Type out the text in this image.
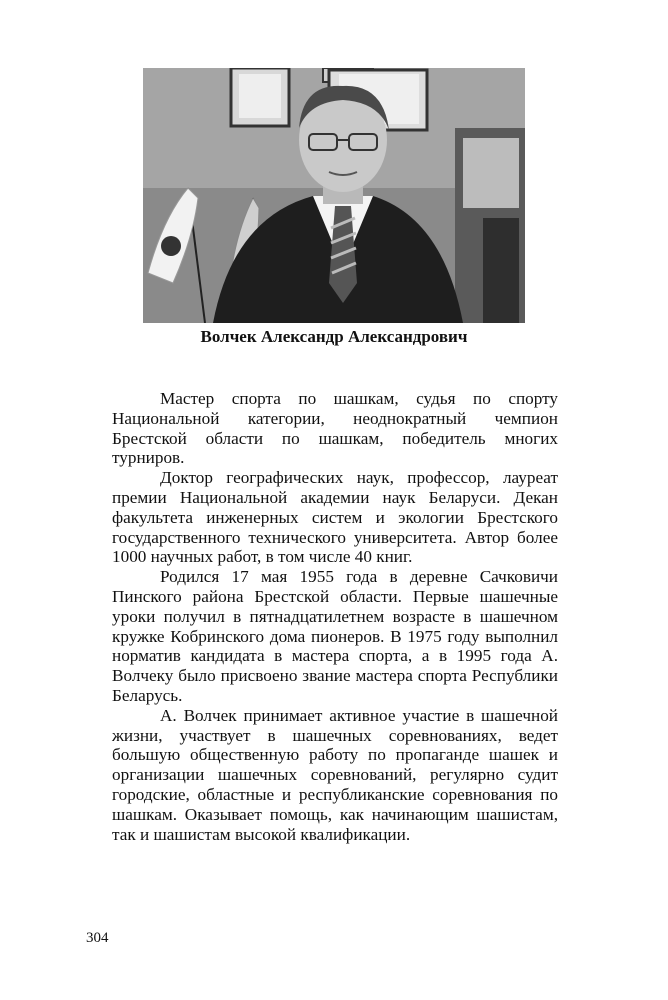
Волчек Александр Александрович

Мастер спорта по шашкам, судья по спорту Национальной категории, неоднократный чемпион Брестской области по шашкам, победитель многих турниров.

Доктор географических наук, профессор, лауреат премии Национальной академии наук Беларуси. Декан факультета инженерных систем и экологии Брестского государственного технического университета. Автор более 1000 научных работ, в том числе 40 книг.

Родился 17 мая 1955 года в деревне Сачковичи Пинского района Брестской области. Первые шашечные уроки получил в пятнадцатилетнем возрасте в шашечном кружке Кобринского дома пионеров. В 1975 году выполнил норматив кандидата в мастера спорта, а в 1995 года А. Волчеку было присвоено звание мастера спорта Республики Беларусь.

А. Волчек принимает активное участие в шашечной жизни, участвует в шашечных соревнованиях, ведет большую общественную работу по пропаганде шашек и организации шашечных соревнований, регулярно судит городские, областные и республиканские соревнования по шашкам. Оказывает помощь, как начинающим шашистам, так и шашистам высокой квалификации.

304
